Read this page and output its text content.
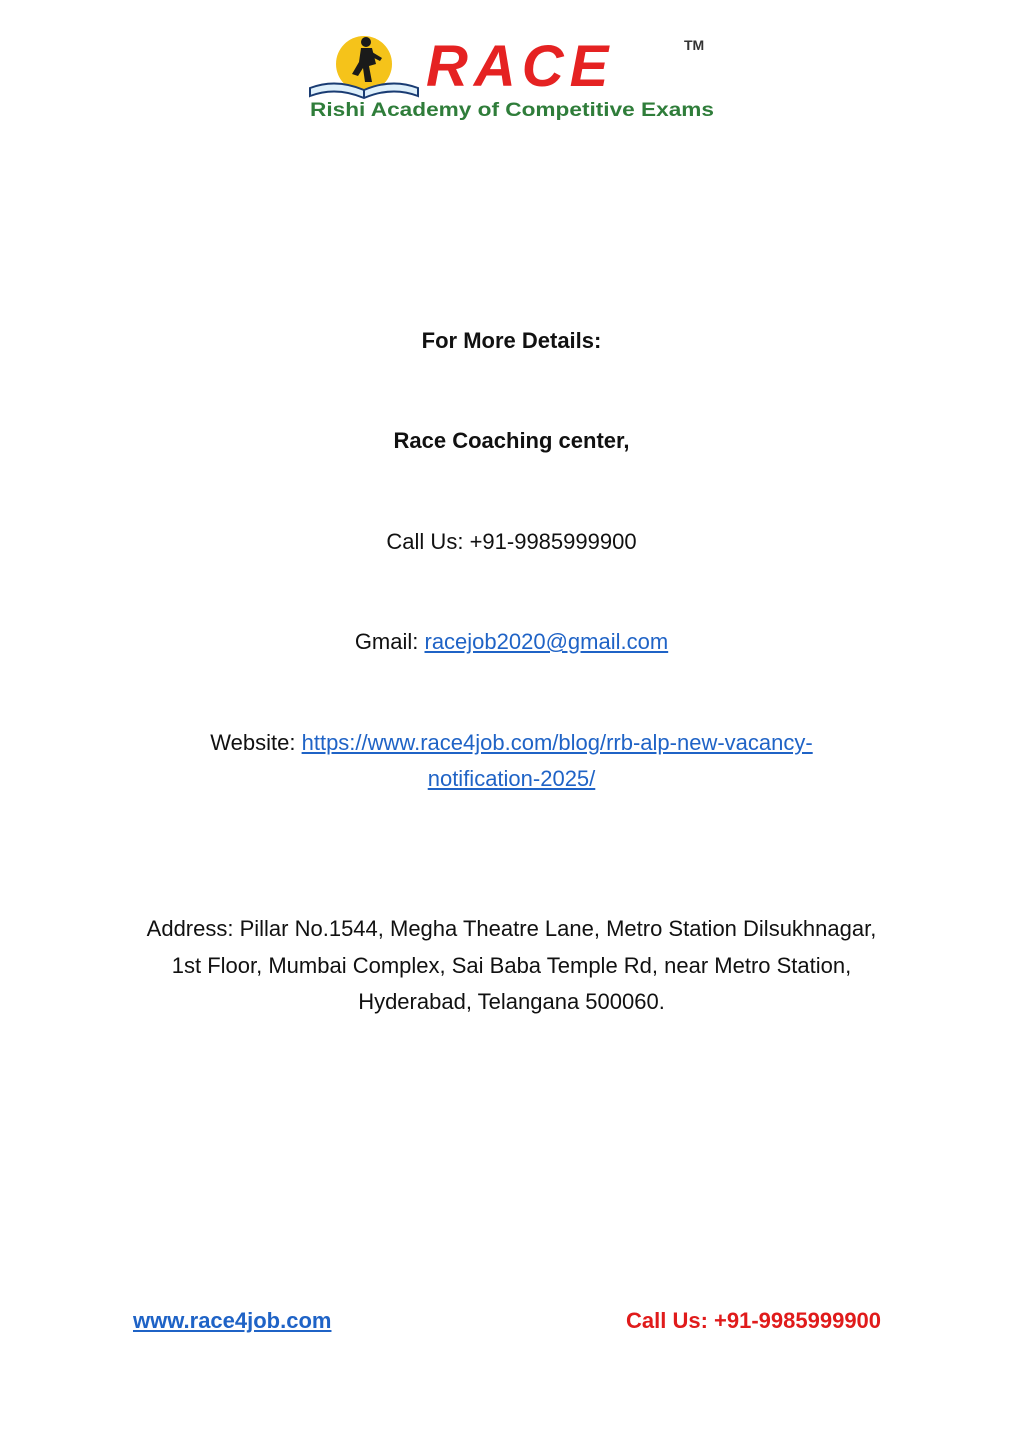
RACE	TM
Rishi Academy of Competitive Exams

For More Details:

Race Coaching center,

Call Us: +91-9985999900

Gmail: racejob2020@gmail.com

Website: https://www.race4job.com/blog/rrb-alp-new-vacancy-

notification-2025/

Address: Pillar No.1544, Megha Theatre Lane, Metro Station Dilsukhnagar,

1st Floor, Mumbai Complex, Sai Baba Temple Rd, near Metro Station,

Hyderabad, Telangana 500060.

www.race4job.com	Call Us: +91-9985999900
